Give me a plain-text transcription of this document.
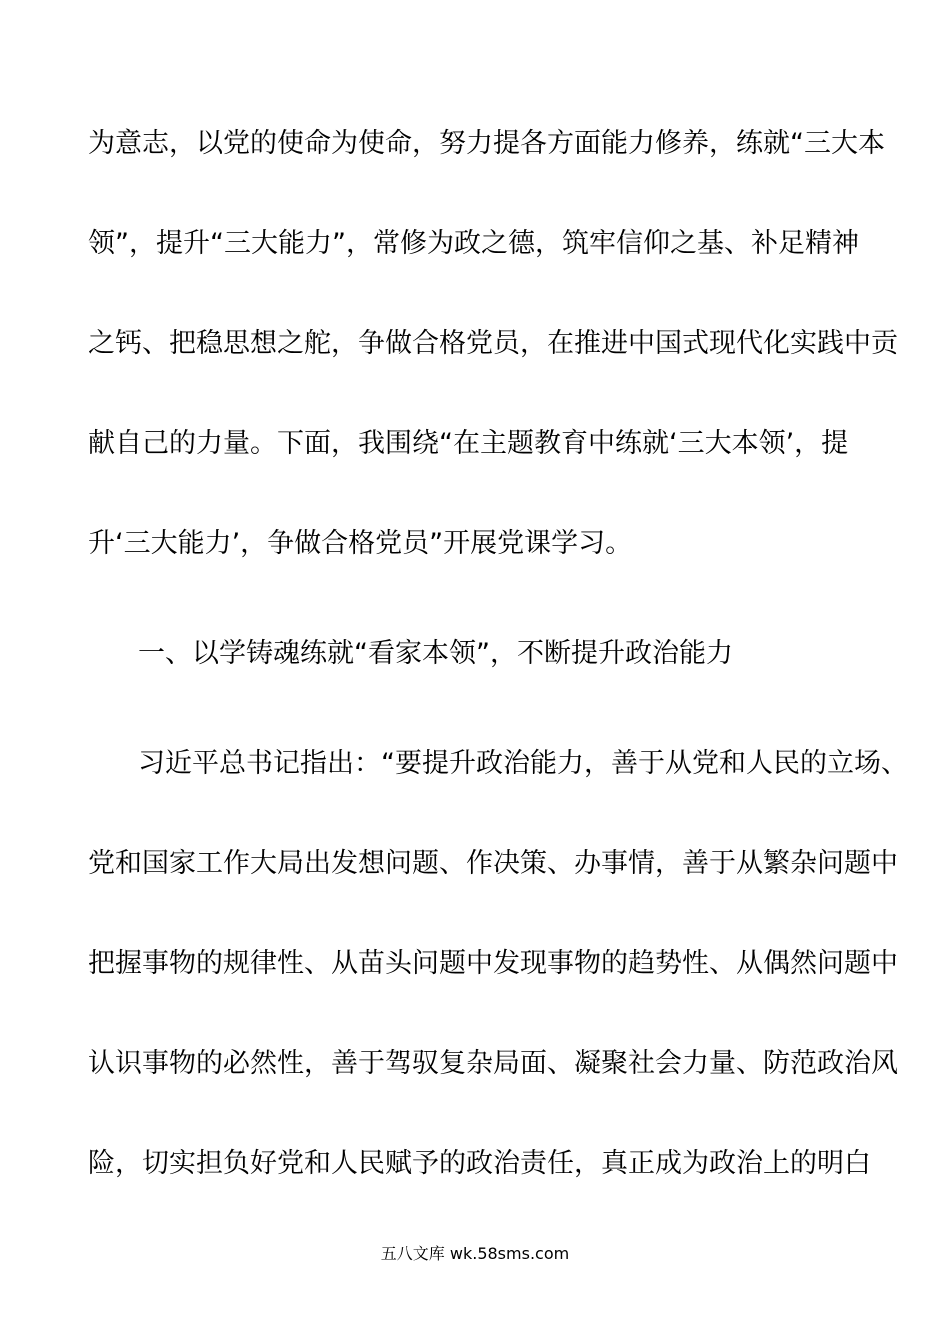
为意志，以党的使命为使命，努力提各方面能力修养，练就“三大本
领”，提升“三大能力”，常修为政之德，筑牢信仰之基、补足精神
之钙、把稳思想之舵，争做合格党员，在推进中国式现代化实践中贡
献自己的力量。下面，我围绕“在主题教育中练就‘三大本领’，提
升‘三大能力’，争做合格党员”开展党课学习。
一、以学铸魂练就“看家本领”，不断提升政治能力
习近平总书记指出：“要提升政治能力，善于从党和人民的立场、
党和国家工作大局出发想问题、作决策、办事情，善于从繁杂问题中
把握事物的规律性、从苗头问题中发现事物的趋势性、从偶然问题中
认识事物的必然性，善于驾驭复杂局面、凝聚社会力量、防范政治风
险，切实担负好党和人民赋予的政治责任，真正成为政治上的明白
五八文库 wk.58sms.com
